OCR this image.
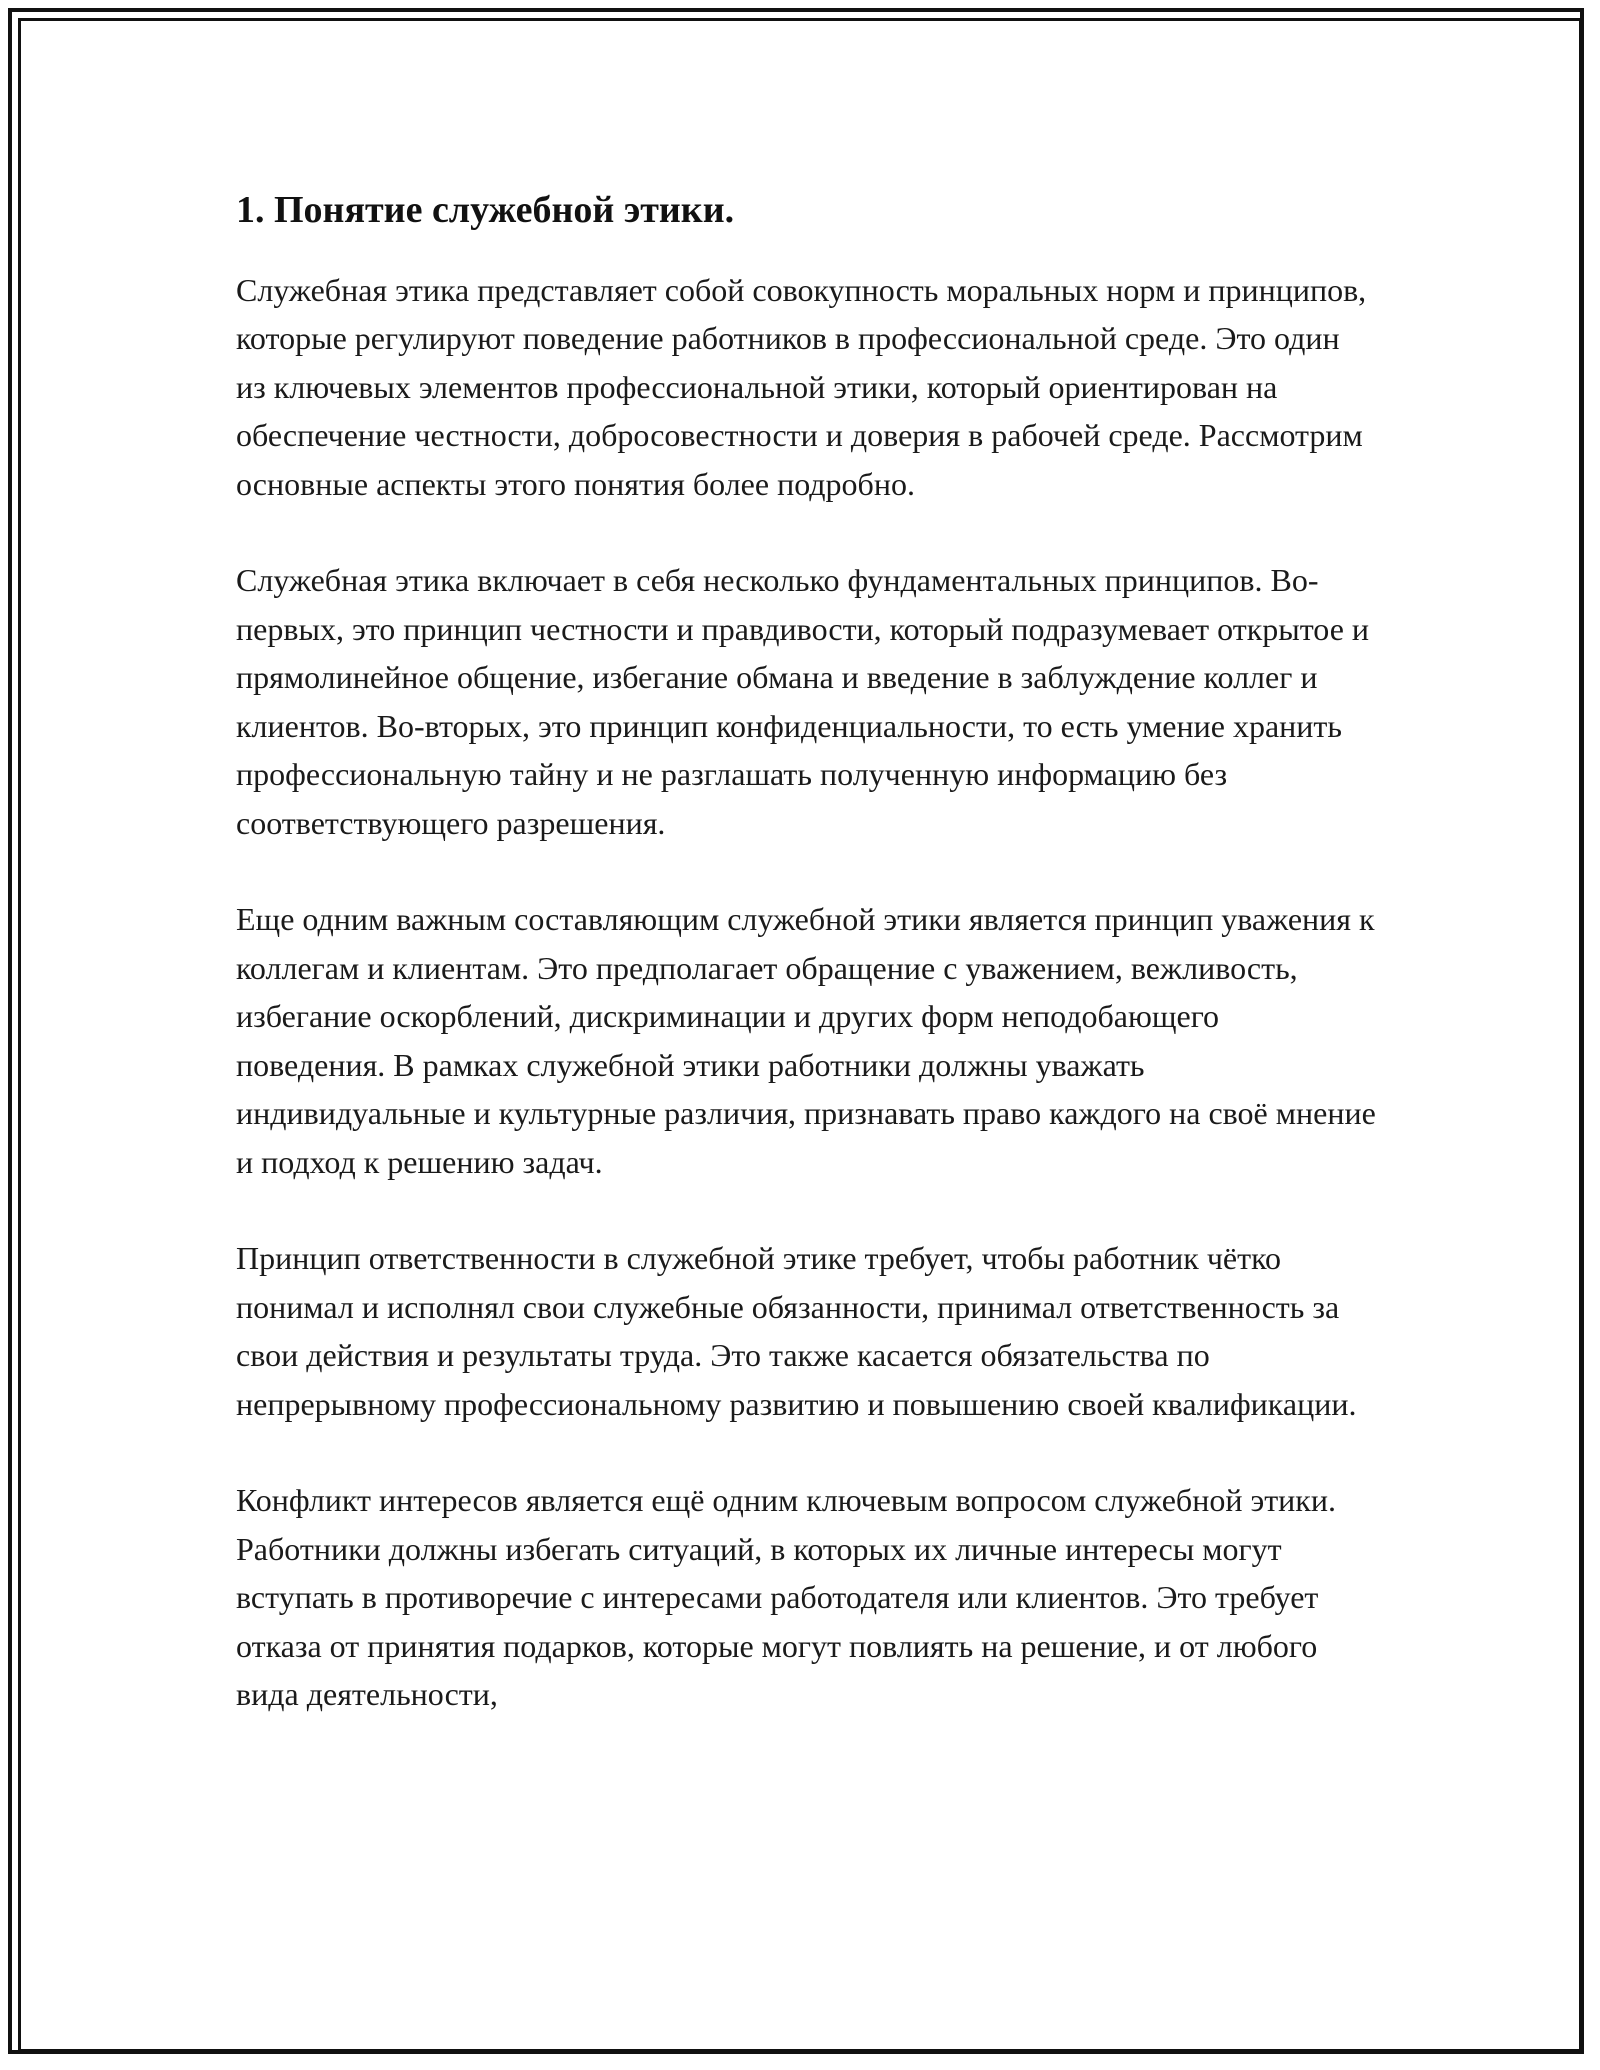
1. Понятие служебной этики.

Служебная этика представляет собой совокупность моральных норм и принципов, которые регулируют поведение работников в профессиональной среде. Это один из ключевых элементов профессиональной этики, который ориентирован на обеспечение честности, добросовестности и доверия в рабочей среде. Рассмотрим основные аспекты этого понятия более подробно.

Служебная этика включает в себя несколько фундаментальных принципов. Во-первых, это принцип честности и правдивости, который подразумевает открытое и прямолинейное общение, избегание обмана и введение в заблуждение коллег и клиентов. Во-вторых, это принцип конфиденциальности, то есть умение хранить профессиональную тайну и не разглашать полученную информацию без соответствующего разрешения.

Еще одним важным составляющим служебной этики является принцип уважения к коллегам и клиентам. Это предполагает обращение с уважением, вежливость, избегание оскорблений, дискриминации и других форм неподобающего поведения. В рамках служебной этики работники должны уважать индивидуальные и культурные различия, признавать право каждого на своё мнение и подход к решению задач.

Принцип ответственности в служебной этике требует, чтобы работник чётко понимал и исполнял свои служебные обязанности, принимал ответственность за свои действия и результаты труда. Это также касается обязательства по непрерывному профессиональному развитию и повышению своей квалификации.

Конфликт интересов является ещё одним ключевым вопросом служебной этики. Работники должны избегать ситуаций, в которых их личные интересы могут вступать в противоречие с интересами работодателя или клиентов. Это требует отказа от принятия подарков, которые могут повлиять на решение, и от любого вида деятельности,
